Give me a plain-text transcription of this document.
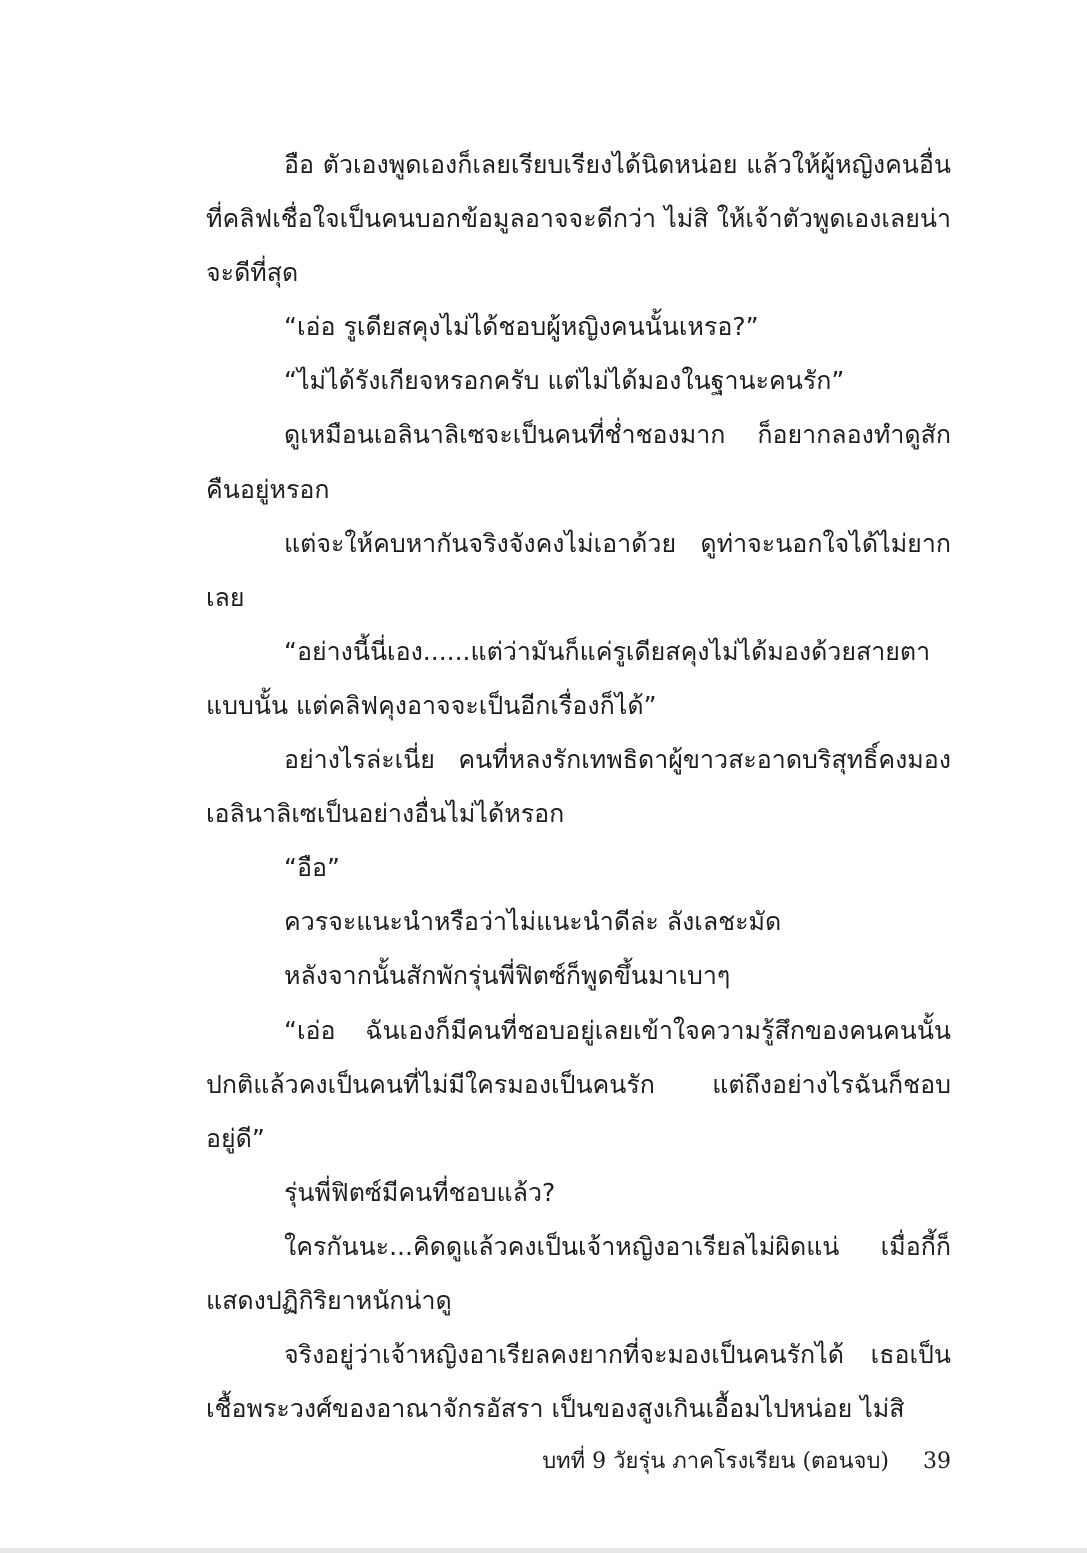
อือ ตัวเองพูดเองก็เลยเรียบเรียงได้นิดหน่อย แล้วให้ผู้หญิงคนอื่นที่คลิฟเชื่อใจเป็นคนบอกข้อมูลอาจจะดีกว่า ไม่สิ ให้เจ้าตัวพูดเองเลยน่าจะดีที่สุด

“เอ่อ รูเดียสคุงไม่ได้ชอบผู้หญิงคนนั้นเหรอ?”

“ไม่ได้รังเกียจหรอกครับ แต่ไม่ได้มองในฐานะคนรัก”

ดูเหมือนเอลินาลิเซจะเป็นคนที่ช่ำชองมาก ก็อยากลองทำดูสักคืนอยู่หรอก

แต่จะให้คบหากันจริงจังคงไม่เอาด้วย ดูท่าจะนอกใจได้ไม่ยากเลย

“อย่างนี้นี่เอง......แต่ว่ามันก็แค่รูเดียสคุงไม่ได้มองด้วยสายตาแบบนั้น แต่คลิฟคุงอาจจะเป็นอีกเรื่องก็ได้”

อย่างไรล่ะเนี่ย คนที่หลงรักเทพธิดาผู้ขาวสะอาดบริสุทธิ์คงมองเอลินาลิเซเป็นอย่างอื่นไม่ได้หรอก

“อือ”

ควรจะแนะนำหรือว่าไม่แนะนำดีล่ะ ลังเลชะมัด

หลังจากนั้นสักพักรุ่นพี่ฟิตซ์ก็พูดขึ้นมาเบาๆ

“เอ่อ ฉันเองก็มีคนที่ชอบอยู่เลยเข้าใจความรู้สึกของคนคนนั้น ปกติแล้วคงเป็นคนที่ไม่มีใครมองเป็นคนรัก แต่ถึงอย่างไรฉันก็ชอบอยู่ดี”

รุ่นพี่ฟิตซ์มีคนที่ชอบแล้ว?

ใครกันนะ...คิดดูแล้วคงเป็นเจ้าหญิงอาเรียลไม่ผิดแน่ เมื่อกี้ก็แสดงปฏิกิริยาหนักน่าดู

จริงอยู่ว่าเจ้าหญิงอาเรียลคงยากที่จะมองเป็นคนรักได้ เธอเป็นเชื้อพระวงศ์ของอาณาจักรอัสรา เป็นของสูงเกินเอื้อมไปหน่อย ไม่สิ

บทที่ 9 วัยรุ่น ภาคโรงเรียน (ตอนจบ) 39
